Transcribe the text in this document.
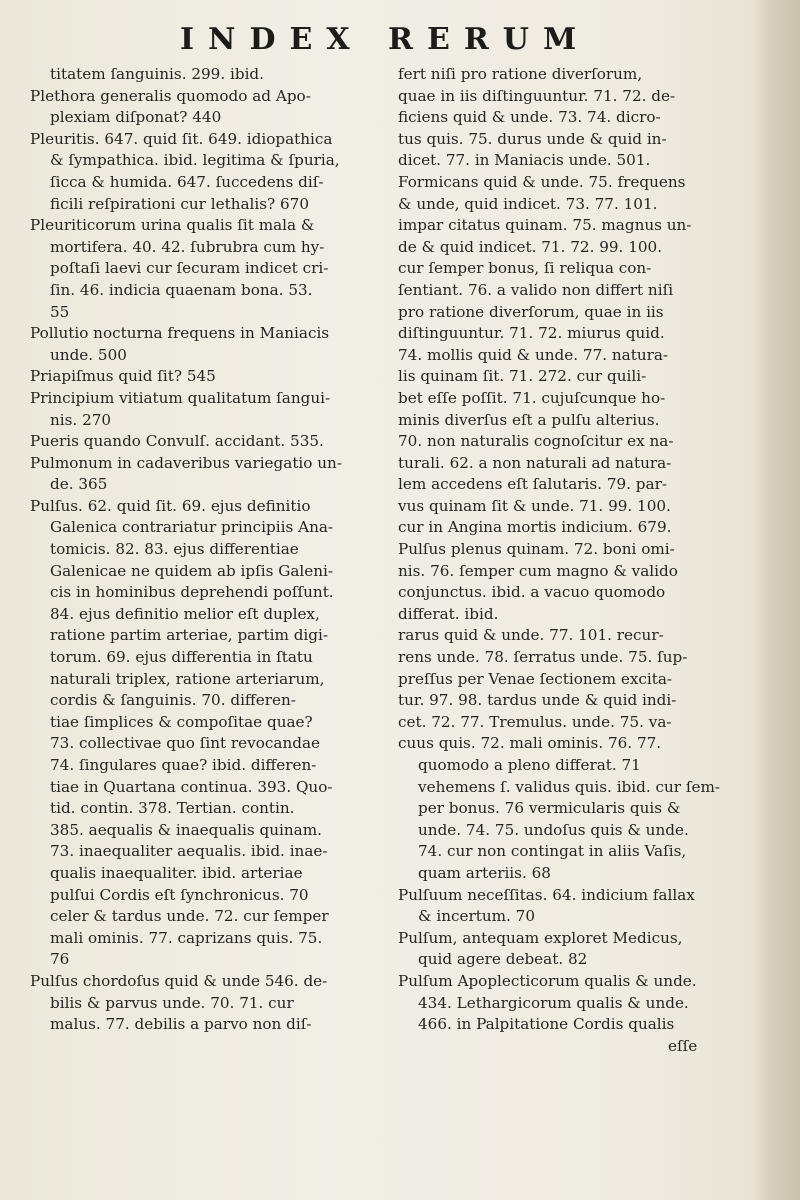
INDEX RERUM
titatem ſanguinis. 299. ibid.
Plethora generalis quomodo ad Apo-
plexiam diſponat? 440
Pleuritis. 647. quid ſit. 649. idiopathica
& ſympathica. ibid. legitima & ſpuria,
ſicca & humida. 647. ſuccedens diſ-
ficili reſpirationi cur lethalis? 670
Pleuriticorum urina qualis ſit mala &
mortifera. 40. 42. ſubrubra cum hy-
poſtaſi laevi cur ſecuram indicet cri-
ſin. 46. indicia quaenam bona. 53.
55
Pollutio nocturna frequens in Maniacis
unde. 500
Priapiſmus quid ſit? 545
Principium vitiatum qualitatum ſangui-
nis. 270
Pueris quando Convulſ. accidant. 535.
Pulmonum in cadaveribus variegatio un-
de. 365
Pulſus. 62. quid ſit. 69. ejus definitio
Galenica contrariatur principiis Ana-
tomicis. 82. 83. ejus differentiae
Galenicae ne quidem ab ipſis Galeni-
cis in hominibus deprehendi poſſunt.
84. ejus definitio melior eſt duplex,
ratione partim arteriae, partim digi-
torum. 69. ejus differentia in ſtatu
naturali triplex, ratione arteriarum,
cordis & ſanguinis. 70. differen-
tiae ſimplices & compoſitae quae?
73. collectivae quo ſint revocandae
74. ſingulares quae? ibid. differen-
tiae in Quartana continua. 393. Quo-
tid. contin. 378. Tertian. contin.
385. aequalis & inaequalis quinam.
73. inaequaliter aequalis. ibid. inae-
qualis inaequaliter. ibid. arteriae
pulſui Cordis eſt ſynchronicus. 70
celer & tardus unde. 72. cur ſemper
mali ominis. 77. caprizans quis. 75.
76
Pulſus chordoſus quid & unde 546. de-
bilis & parvus unde. 70. 71. cur
malus. 77. debilis a parvo non diſ-
fert niſi pro ratione diverſorum,
quae in iis diſtinguuntur. 71. 72. de-
ficiens quid & unde. 73. 74. dicro-
tus quis. 75. durus unde & quid in-
dicet. 77. in Maniacis unde. 501.
Formicans quid & unde. 75. frequens
& unde, quid indicet. 73. 77. 101.
impar citatus quinam. 75. magnus un-
de & quid indicet. 71. 72. 99. 100.
cur ſemper bonus, ſi reliqua con-
ſentiant. 76. a valido non differt niſi
pro ratione diverſorum, quae in iis
diſtinguuntur. 71. 72. miurus quid.
74. mollis quid & unde. 77. natura-
lis quinam ſit. 71. 272. cur quili-
bet eſſe poſſit. 71. cujuſcunque ho-
minis diverſus eſt a pulſu alterius.
70. non naturalis cognoſcitur ex na-
turali. 62. a non naturali ad natura-
lem accedens eſt ſalutaris. 79. par-
vus quinam ſit & unde. 71. 99. 100.
cur in Angina mortis indicium. 679.
Pulſus plenus quinam. 72. boni omi-
nis. 76. ſemper cum magno & valido
conjunctus. ibid. a vacuo quomodo
differat. ibid.
rarus quid & unde. 77. 101. recur-
rens unde. 78. ſerratus unde. 75. ſup-
preſſus per Venae ſectionem excita-
tur. 97. 98. tardus unde & quid indi-
cet. 72. 77. Tremulus. unde. 75. va-
cuus quis. 72. mali ominis. 76. 77.
quomodo a pleno differat. 71
vehemens ſ. validus quis. ibid. cur ſem-
per bonus. 76 vermicularis quis &
unde. 74. 75. undoſus quis & unde.
74. cur non contingat in aliis Vaſis,
quam arteriis. 68
Pulſuum neceſſitas. 64. indicium fallax
& incertum. 70
Pulſum, antequam exploret Medicus,
quid agere debeat. 82
Pulſum Apoplecticorum qualis & unde.
434. Lethargicorum qualis & unde.
466. in Palpitatione Cordis qualis
eſſe
